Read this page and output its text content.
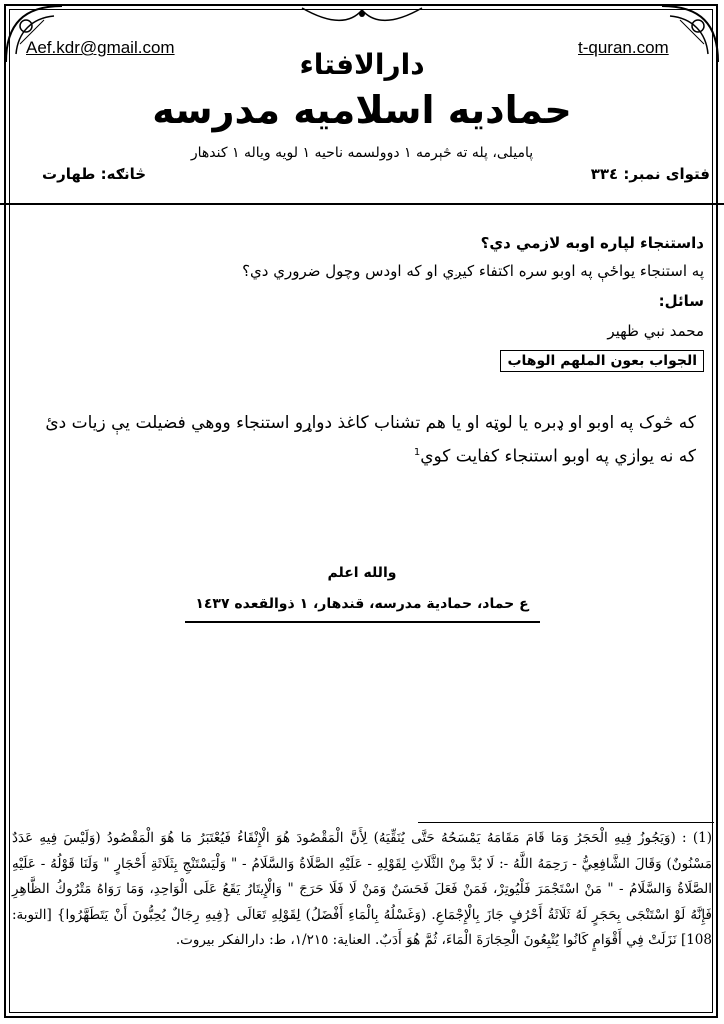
Aef.kdr@gmail.com	t-quran.com
دارالافتاء
حمادیه اسلامیه مدرسه
پامیلی، پله ته څېرمه ١ دوولسمه ناحیه ١ لویه ویاله ١ کندهار
فتوای نمبر: ٣٣٤
څانګه: طهارت
داستنجاء لپاره اوبه لازمي دي؟
په استنجاء یواځې په اوبو سره اکتفاء کیږي او که اودس وچول ضروري دي؟
سائل:
محمد نبي ظهیر
الجواب بعون الملهم الوهاب
که څوک په اوبو او ډبره یا لوټه او یا هم تشناب کاغذ دواړو استنجاء ووهي فضیلت یې زیات دئ
که نه یوازي په اوبو استنجاء کفایت کوي$^1$
والله اعلم
ع حماد، حمادية مدرسه، قندهار، ١ ذوالقعده ١٤٣٧
(1) : (وَيَجُوزُ فِيهِ الْحَجَرُ وَمَا قَامَ مَقَامَهُ يَمْسَحُهُ حَتَّى يُنَقِّيَهُ) لِأَنَّ الْمَقْصُودَ هُوَ الْإِنْقَاءُ فَيُعْتَبَرُ مَا هُوَ الْمَقْصُودُ (وَلَيْسَ فِيهِ عَدَدٌ مَسْنُونٌ) وَقَالَ الشَّافِعِيُّ - رَحِمَهُ اللَّهُ -: لَا بُدَّ مِنْ الثَّلَاثِ لِقَوْلِهِ - عَلَيْهِ الصَّلَاةُ وَالسَّلَامُ - " وَلْيَسْتَنْجِ بِثَلَاثَةِ أَحْجَارٍ " وَلَنَا قَوْلُهُ - عَلَيْهِ الصَّلَاةُ وَالسَّلَامُ - " مَنْ اسْتَجْمَرَ فَلْيُوتِرْ، فَمَنْ فَعَلَ فَحَسَنٌ وَمَنْ لَا فَلَا حَرَجَ " وَالْإِيتَارُ يَقَعُ عَلَى الْوَاحِدِ، وَمَا رَوَاهُ مَتْرُوكُ الظَّاهِرِ فَإِنَّهُ لَوْ اسْتَنْجَى بِحَجَرٍ لَهُ ثَلَاثَةُ أَحْرُفٍ جَازَ بِالْإِجْمَاعِ. (وَغَسْلُهُ بِالْمَاءِ أَفْضَلُ) لِقَوْلِهِ تَعَالَى {فِيهِ رِجَالٌ يُحِبُّونَ أَنْ يَتَطَهَّرُوا} [التوبة: 108] نَزَلَتْ فِي أَقْوَامٍ كَانُوا يُتْبِعُونَ الْحِجَارَةَ الْمَاءَ، ثُمَّ هُوَ أَدَبٌ. العناية: ١/٢١٥، ط: دارالفكر بيروت.
